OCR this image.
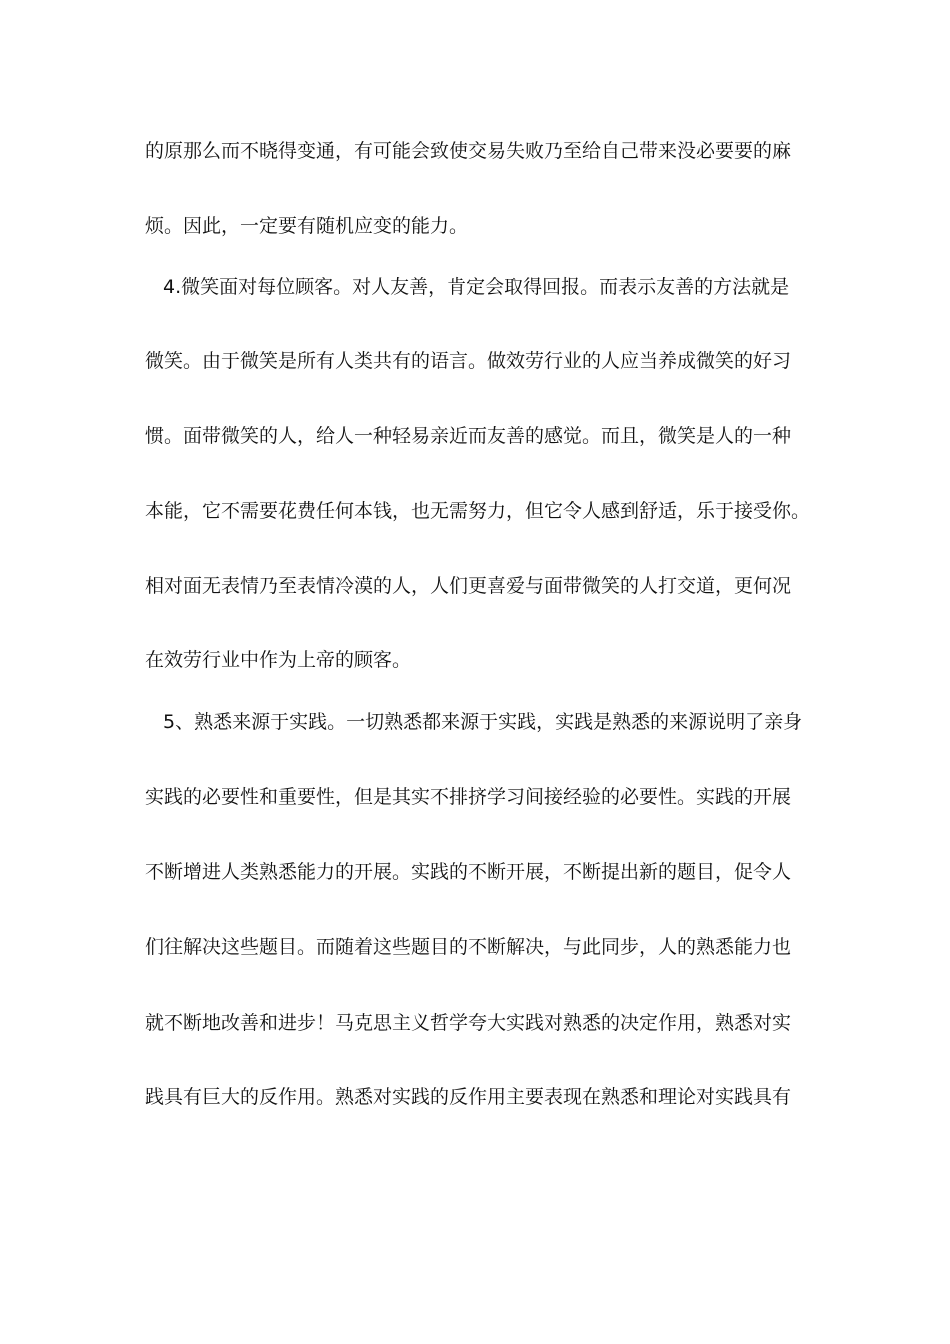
的原那么而不晓得变通，有可能会致使交易失败乃至给自己带来没必要要的麻
烦。因此，一定要有随机应变的能力。
4.微笑面对每位顾客。对人友善，肯定会取得回报。而表示友善的方法就是
微笑。由于微笑是所有人类共有的语言。做效劳行业的人应当养成微笑的好习
惯。面带微笑的人，给人一种轻易亲近而友善的感觉。而且，微笑是人的一种
本能，它不需要花费任何本钱，也无需努力，但它令人感到舒适，乐于接受你。
相对面无表情乃至表情冷漠的人，人们更喜爱与面带微笑的人打交道，更何况
在效劳行业中作为上帝的顾客。
5、熟悉来源于实践。一切熟悉都来源于实践，实践是熟悉的来源说明了亲身
实践的必要性和重要性，但是其实不排挤学习间接经验的必要性。实践的开展
不断增进人类熟悉能力的开展。实践的不断开展，不断提出新的题目，促令人
们往解决这些题目。而随着这些题目的不断解决，与此同步，人的熟悉能力也
就不断地改善和进步！马克思主义哲学夸大实践对熟悉的决定作用，熟悉对实
践具有巨大的反作用。熟悉对实践的反作用主要表现在熟悉和理论对实践具有
